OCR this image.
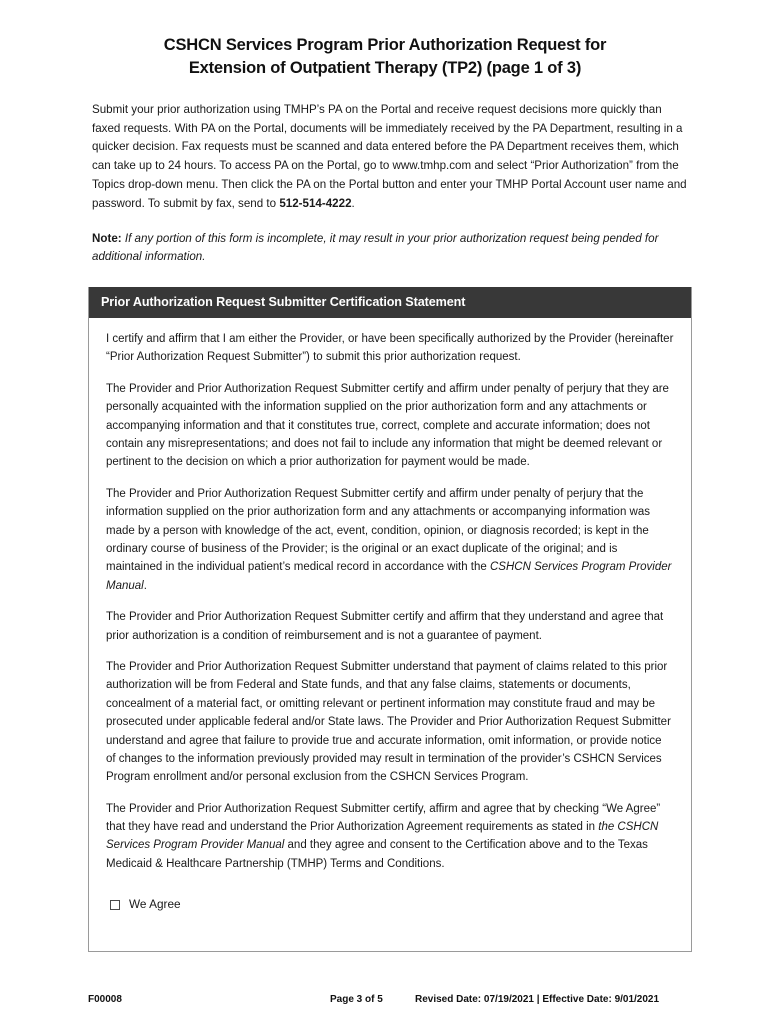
CSHCN Services Program Prior Authorization Request for
Extension of Outpatient Therapy (TP2) (page 1 of 3)

Submit your prior authorization using TMHP’s PA on the Portal and receive request decisions more quickly than faxed requests. With PA on the Portal, documents will be immediately received by the PA Department, resulting in a quicker decision. Fax requests must be scanned and data entered before the PA Department receives them, which can take up to 24 hours. To access PA on the Portal, go to www.tmhp.com and select “Prior Authorization” from the Topics drop-down menu. Then click the PA on the Portal button and enter your TMHP Portal Account user name and password. To submit by fax, send to 512-514-4222.

Note: If any portion of this form is incomplete, it may result in your prior authorization request being pended for additional information.

Prior Authorization Request Submitter Certification Statement

I certify and affirm that I am either the Provider, or have been specifically authorized by the Provider (hereinafter “Prior Authorization Request Submitter”) to submit this prior authorization request.

The Provider and Prior Authorization Request Submitter certify and affirm under penalty of perjury that they are personally acquainted with the information supplied on the prior authorization form and any attachments or accompanying information and that it constitutes true, correct, complete and accurate information; does not contain any misrepresentations; and does not fail to include any information that might be deemed relevant or pertinent to the decision on which a prior authorization for payment would be made.

The Provider and Prior Authorization Request Submitter certify and affirm under penalty of perjury that the information supplied on the prior authorization form and any attachments or accompanying information was made by a person with knowledge of the act, event, condition, opinion, or diagnosis recorded; is kept in the ordinary course of business of the Provider; is the original or an exact duplicate of the original; and is maintained in the individual patient’s medical record in accordance with the CSHCN Services Program Provider Manual.

The Provider and Prior Authorization Request Submitter certify and affirm that they understand and agree that prior authorization is a condition of reimbursement and is not a guarantee of payment.

The Provider and Prior Authorization Request Submitter understand that payment of claims related to this prior authorization will be from Federal and State funds, and that any false claims, statements or documents, concealment of a material fact, or omitting relevant or pertinent information may constitute fraud and may be prosecuted under applicable federal and/or State laws. The Provider and Prior Authorization Request Submitter understand and agree that failure to provide true and accurate information, omit information, or provide notice of changes to the information previously provided may result in termination of the provider’s CSHCN Services Program enrollment and/or personal exclusion from the CSHCN Services Program.

The Provider and Prior Authorization Request Submitter certify, affirm and agree that by checking “We Agree” that they have read and understand the Prior Authorization Agreement requirements as stated in the CSHCN Services Program Provider Manual and they agree and consent to the Certification above and to the Texas Medicaid & Healthcare Partnership (TMHP) Terms and Conditions.

We Agree
F00008	Page 3 of 5	Revised Date: 07/19/2021 | Effective Date: 9/01/2021
